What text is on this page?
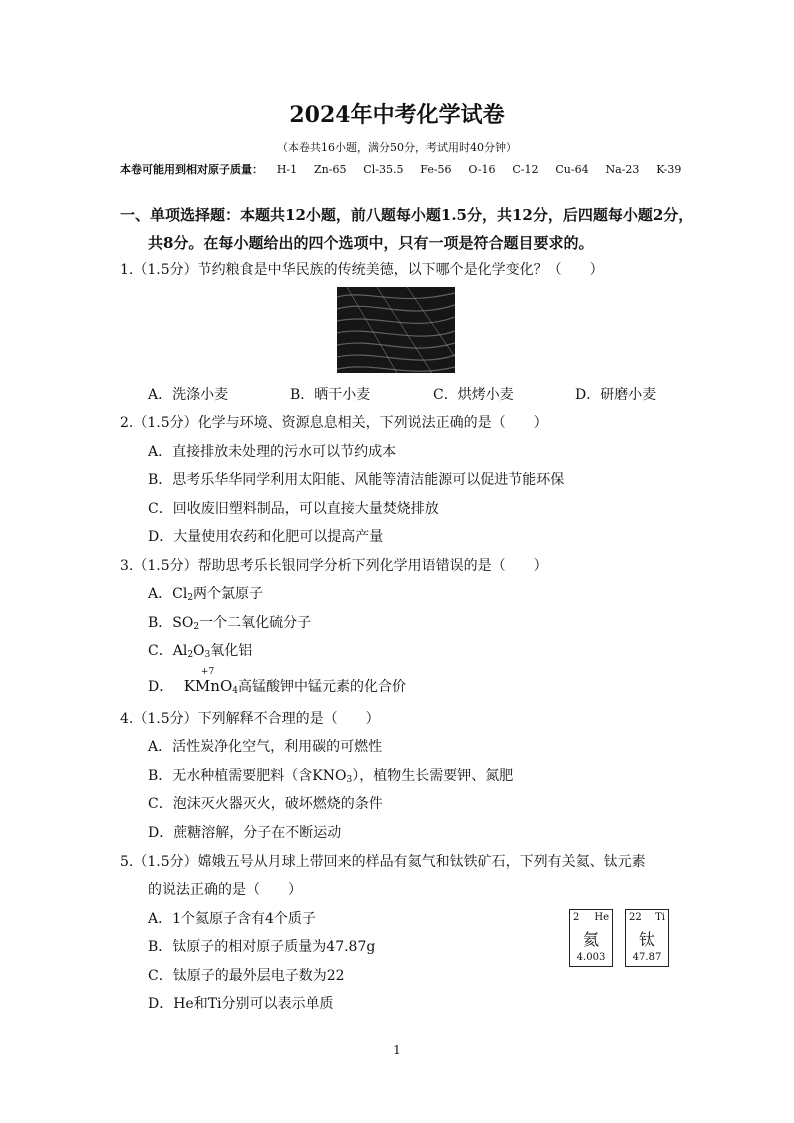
2024年中考化学试卷
（本卷共16小题，满分50分，考试用时40分钟）
本卷可能用到相对原子质量： H-1 Zn-65 Cl-35.5 Fe-56 O-16 C-12 Cu-64 Na-23 K-39
一、单项选择题：本题共12小题，前八题每小题1.5分，共12分，后四题每小题2分，
共8分。在每小题给出的四个选项中，只有一项是符合题目要求的。
1.（1.5分）节约粮食是中华民族的传统美德，以下哪个是化学变化？（　　）
A．洗涤小麦	B．晒干小麦	C．烘烤小麦	D．研磨小麦
2.（1.5分）化学与环境、资源息息相关，下列说法正确的是（　　）
A．直接排放未处理的污水可以节约成本
B．思考乐华华同学利用太阳能、风能等清洁能源可以促进节能环保
C．回收废旧塑料制品，可以直接大量焚烧排放
D．大量使用农药和化肥可以提高产量
3.（1.5分）帮助思考乐长银同学分析下列化学用语错误的是（　　）
A．$Cl_2$两个氯原子
B．$SO_2$一个二氧化硫分子
C．$Al_2O_3$氧化铝
D． K
+7
MnO$_4$高锰酸钾中锰元素的化合价
4.（1.5分）下列解释不合理的是（　　）
A．活性炭净化空气，利用碳的可燃性
B．无水种植需要肥料（含$KNO_3$），植物生长需要钾、氮肥
C．泡沫灭火器灭火，破坏燃烧的条件
D．蔗糖溶解，分子在不断运动
5.（1.5分）嫦娥五号从月球上带回来的样品有氦气和钛铁矿石，下列有关氦、钛元素
的说法正确的是（　　）
A．1个氦原子含有4个质子
B．钛原子的相对原子质量为47.87g
C．钛原子的最外层电子数为22
D．He和Ti分别可以表示单质
2 He
氦
4.003
22 Ti
钛
47.87
1
